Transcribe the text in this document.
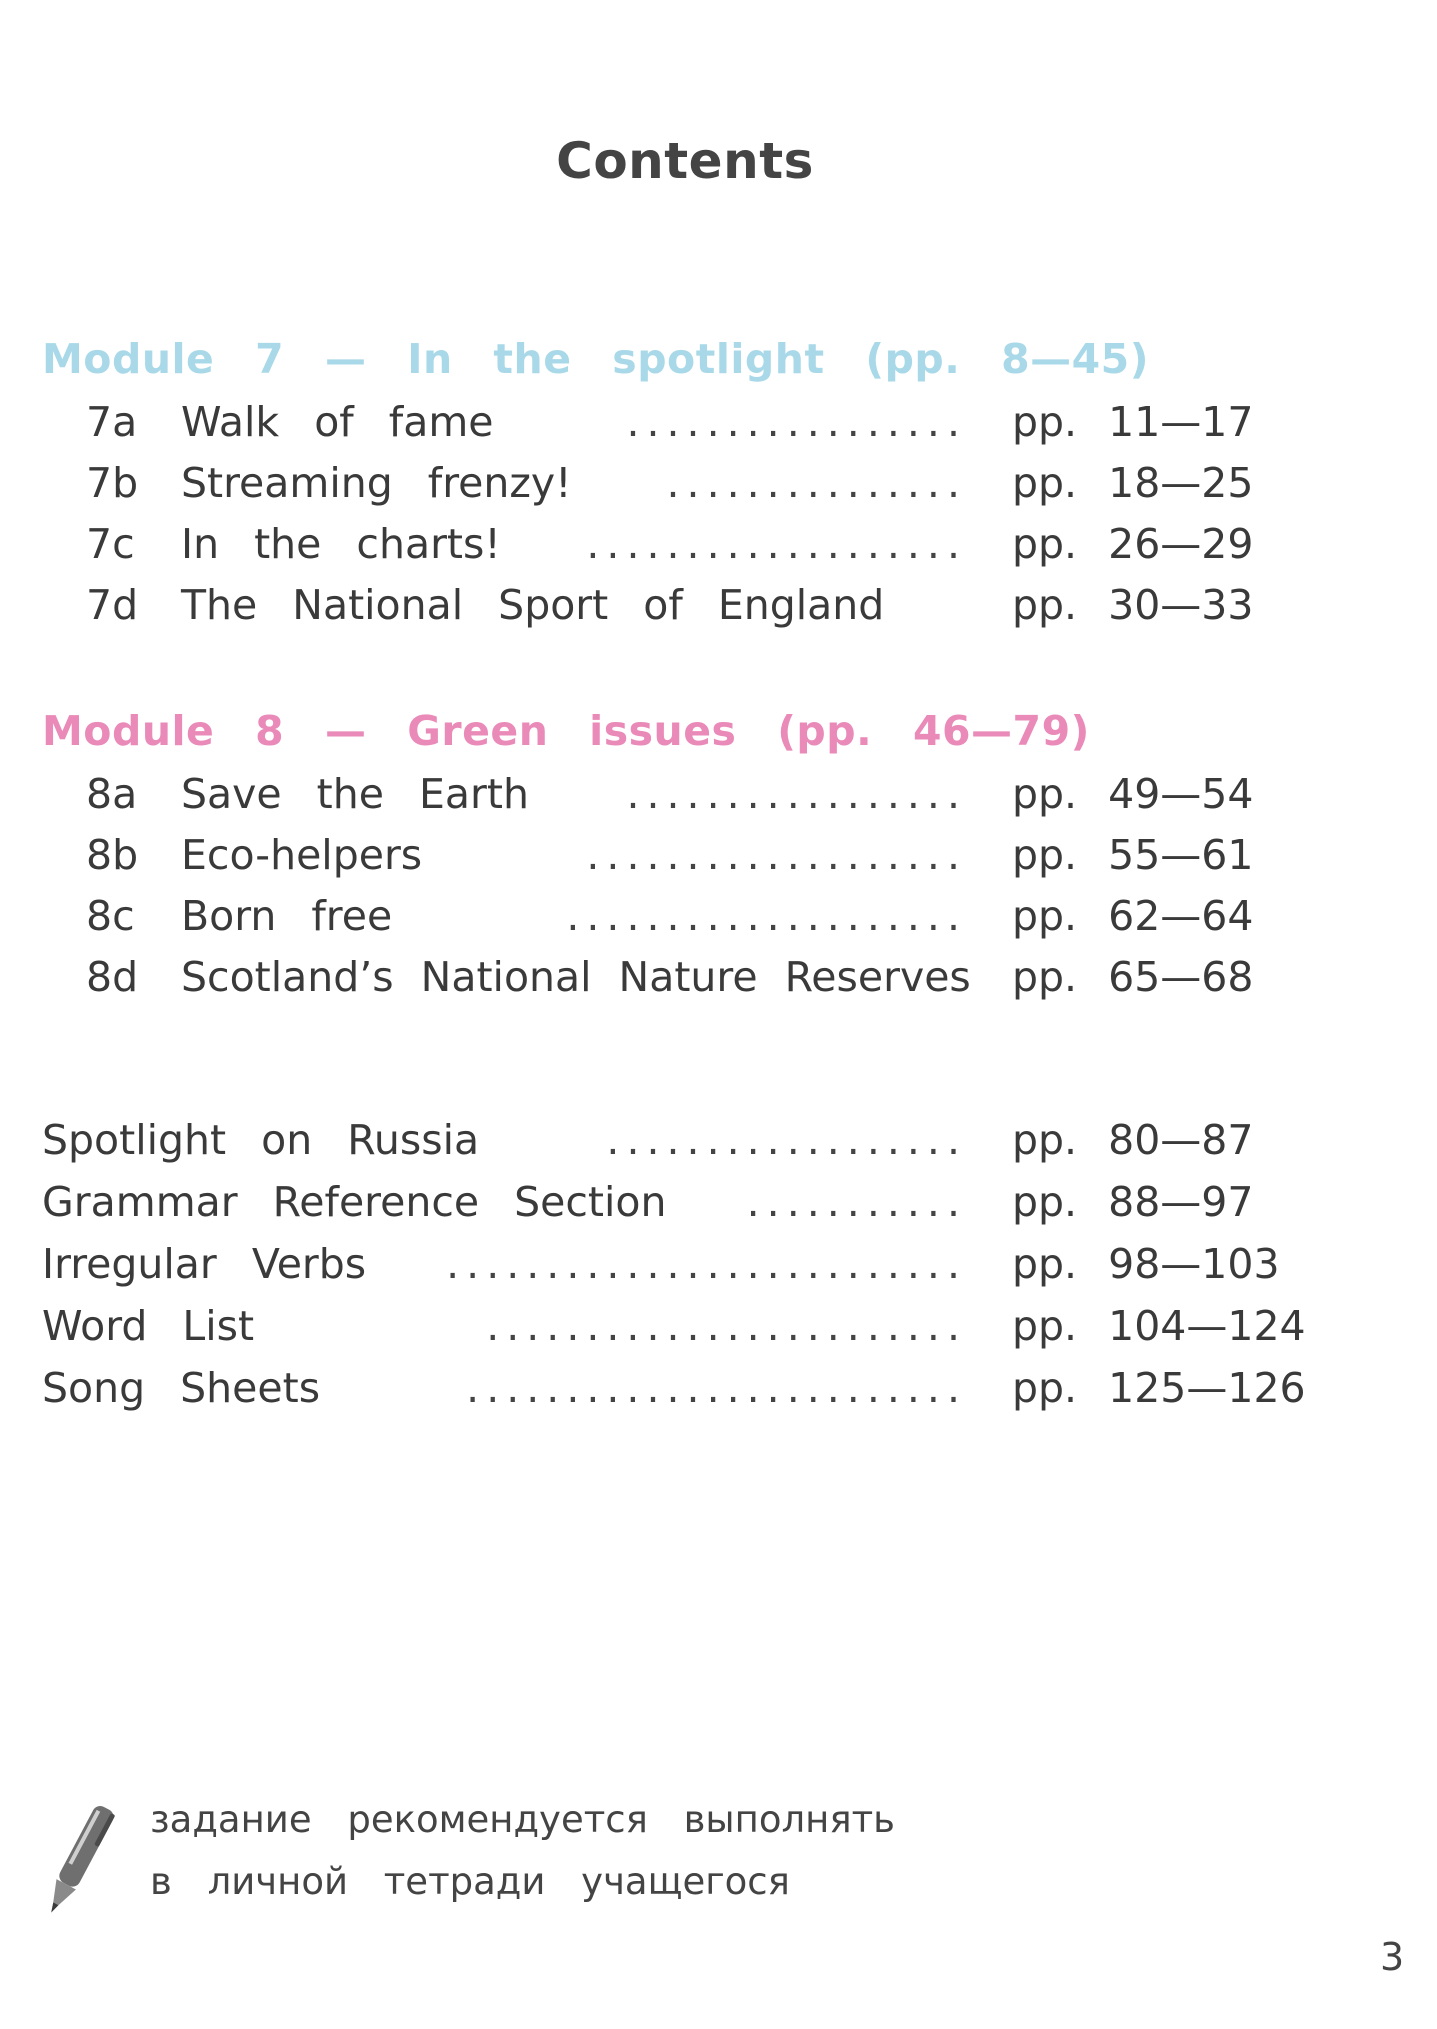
Contents
Module 7 — In the spotlight (pp. 8—45)
7a Walk of fame	................. pp. 11—17
7b Streaming frenzy! ............... pp. 18—25
7c In the charts! ................... pp. 26—29
7d The National Sport of England	pp. 30—33
Module 8 — Green issues (pp. 46—79)
8a Save the Earth ................. pp. 49—54
8b Eco-helpers	................... pp. 55—61
8c Born free	.................... pp. 62—64
8d Scotland’s National Nature Reserves pp. 65—68
Spotlight on Russia	.................. pp. 80—87
Grammar Reference Section ........... pp. 88—97
Irregular Verbs .......................... pp. 98—103
Word List	........................ pp. 104—124
Song Sheets	......................... pp. 125—126
задание рекомендуется выполнять
в личной тетради учащегося
3
